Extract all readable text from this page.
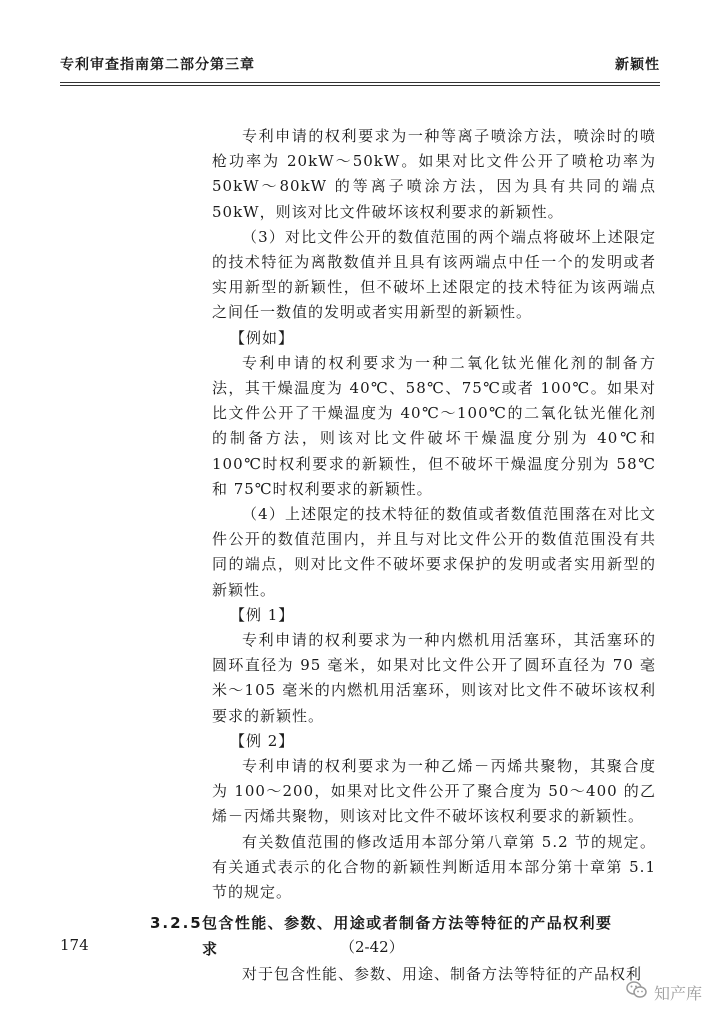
专利审查指南第二部分第三章	新颖性

专利申请的权利要求为一种等离子喷涂方法，喷涂时的喷枪功率为 20kW～50kW。如果对比文件公开了喷枪功率为 50kW～80kW 的等离子喷涂方法，因为具有共同的端点 50kW，则该对比文件破坏该权利要求的新颖性。

（3）对比文件公开的数值范围的两个端点将破坏上述限定的技术特征为离散数值并且具有该两端点中任一个的发明或者实用新型的新颖性，但不破坏上述限定的技术特征为该两端点之间任一数值的发明或者实用新型的新颖性。

【例如】

专利申请的权利要求为一种二氧化钛光催化剂的制备方法，其干燥温度为 40℃、58℃、75℃或者 100℃。如果对比文件公开了干燥温度为 40℃～100℃的二氧化钛光催化剂的制备方法，则该对比文件破坏干燥温度分别为 40℃和 100℃时权利要求的新颖性，但不破坏干燥温度分别为 58℃和 75℃时权利要求的新颖性。

（4）上述限定的技术特征的数值或者数值范围落在对比文件公开的数值范围内，并且与对比文件公开的数值范围没有共同的端点，则对比文件不破坏要求保护的发明或者实用新型的新颖性。

【例 1】

专利申请的权利要求为一种内燃机用活塞环，其活塞环的圆环直径为 95 毫米，如果对比文件公开了圆环直径为 70 毫米～105 毫米的内燃机用活塞环，则该对比文件不破坏该权利要求的新颖性。

【例 2】

专利申请的权利要求为一种乙烯－丙烯共聚物，其聚合度为 100～200，如果对比文件公开了聚合度为 50～400 的乙烯－丙烯共聚物，则该对比文件不破坏该权利要求的新颖性。

有关数值范围的修改适用本部分第八章第 5.2 节的规定。有关通式表示的化合物的新颖性判断适用本部分第十章第 5.1 节的规定。

3.2.5包含性能、参数、用途或者制备方法等特征的产品权利要求

对于包含性能、参数、用途、制备方法等特征的产品权利

174	（2-42）
知产库
